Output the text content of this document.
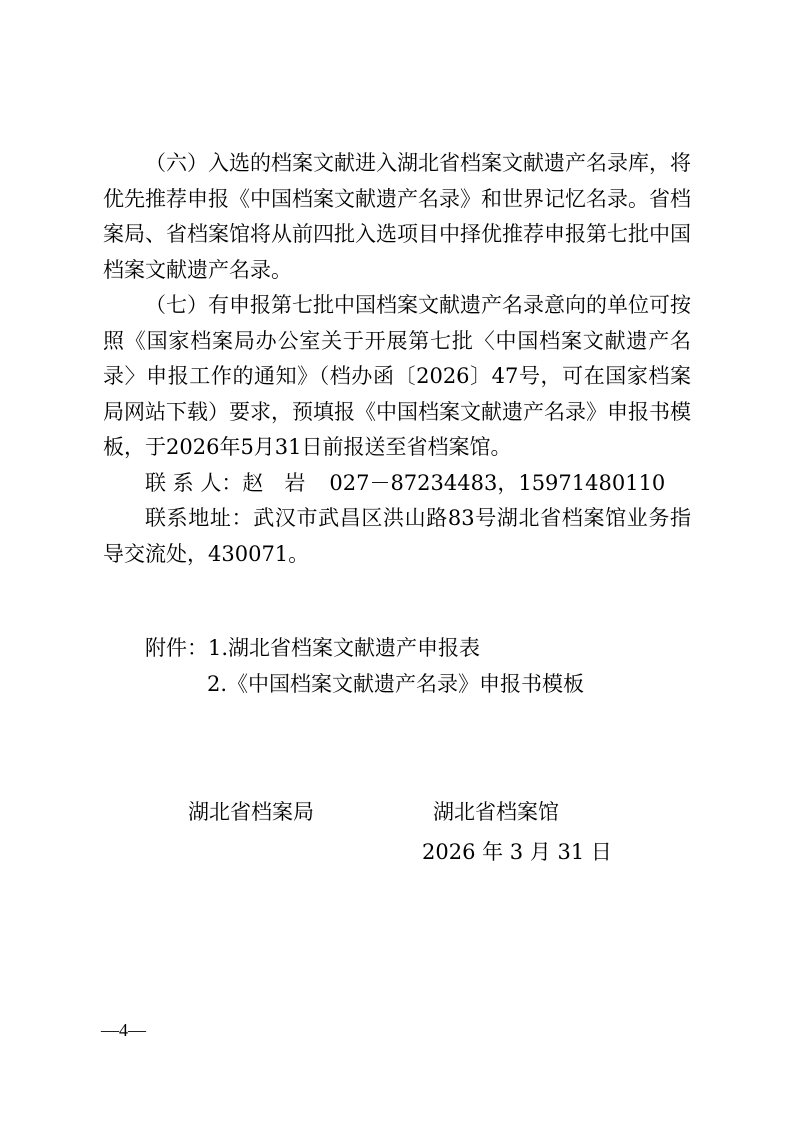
（六）入选的档案文献进入湖北省档案文献遗产名录库，将优先推荐申报《中国档案文献遗产名录》和世界记忆名录。省档案局、省档案馆将从前四批入选项目中择优推荐申报第七批中国档案文献遗产名录。

（七）有申报第七批中国档案文献遗产名录意向的单位可按照《国家档案局办公室关于开展第七批〈中国档案文献遗产名录〉申报工作的通知》（档办函〔2026〕47号，可在国家档案局网站下载）要求，预填报《中国档案文献遗产名录》申报书模板，于2026年5月31日前报送至省档案馆。

联 系 人：赵　岩 027－87234483，15971480110

联系地址：武汉市武昌区洪山路83号湖北省档案馆业务指导交流处，430071。

附件：1.湖北省档案文献遗产申报表
2.《中国档案文献遗产名录》申报书模板
湖北省档案局	湖北省档案馆
2026 年 3 月 31 日
—4—
